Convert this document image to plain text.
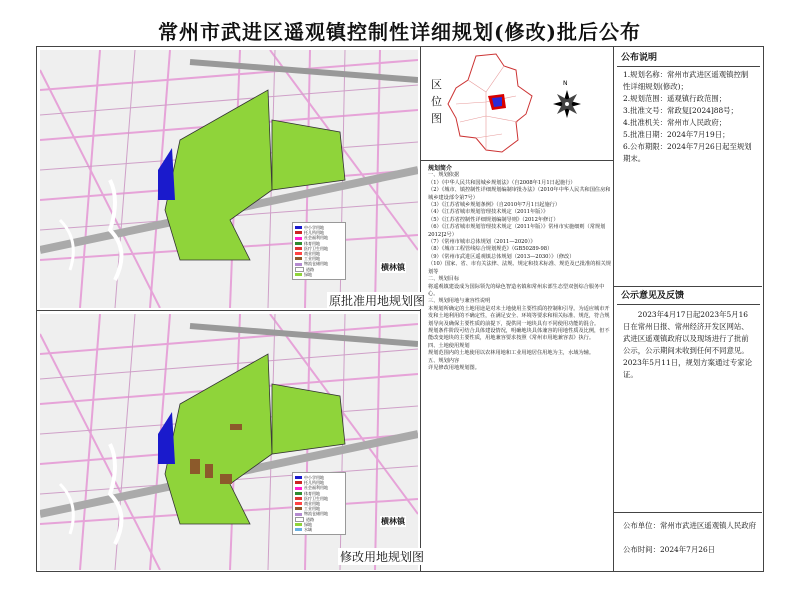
常州市武进区遥观镇控制性详细规划(修改)批后公布
中小学用地
托儿所用地
社会福利用地
体育用地
医疗卫生用地
商业用地
工业用地
物流仓储用地
道路
绿地
横林镇
原批准用地规划图
中小学用地
托儿所用地
社会福利用地
体育用地
医疗卫生用地
商业用地
工业用地
物流仓储用地
道路
绿地
水域
横林镇
修改用地规划图
区
位
图
N

规划简介

一、规划依据

（1）《中华人民共和国城乡规划法》（自2008年1月1日起施行）

（2）《城市、镇控制性详细规划编制审批办法》（2010年中华人民共和国住房和城乡建设部令第7号）

（3）《江苏省城乡规划条例》（自2010年7月1日起施行）

（4）《江苏省城市规划管理技术规定（2011年版）》

（5）《江苏省控制性详细规划编制导则》（2012年修订）

（6）《江苏省城市规划管理技术规定（2011年版）》常州市实施细则（常规划2012]2号）

（7）《常州市城市总体规划（2011—2020）》

（8）《城市工程管线综合规划规范》（GB50289-98）

（9）《常州市武进区遥观镇总体规划（2013—2030）》（修改）

（10）国家、省、市有关法律、法规、规定和技术标准、规范及已批准的相关规划等

二、规划目标

将遥观镇建设成为国际领先的绿色智造名镇和常州东部生态型双创综合服务中心。

三、规划用地与兼容性说明

本规划所确定的土地用途是对未土地使用主要性质的控制和引导。为适应城市开发和土地利用的不确定性，在满足安全、环境等要求和相关标准、规范，符合规划导向及确保主要性质的前提下，提供同一地块具有不同使用功能的混合。

规划条件阶段可结合具体建设情况，明确地块具体兼容的用地性质及比例，但不能改变地块的主要性质，用地兼容要求按照《常州市用地兼容表》执行。

四、土地使用规划

规划范围内的土地使用以农林用地和工业用地居住用地为主，水域为辅。

五、规划内容

详见修改用地规划图。

公布说明
1.规划名称：常州市武进区遥观镇控制性详细规划(修改)；
2.规划范围：遥观镇行政范围；
3.批准文号：常政复[2024]88号；
4.批准机关：常州市人民政府；
5.批准日期：2024年7月19日；
6.公布期限：2024年7月26日起至规划期末。
公示意见及反馈
2023年4月17日起2023年5月16日在常州日报、常州经济开发区网站、武进区遥观镇政府以及现场进行了批前公示，公示期间未收到任何不同意见。2023年5月11日，规划方案通过专家论证。
公布单位：常州市武进区遥观镇人民政府
公布时间：2024年7月26日
